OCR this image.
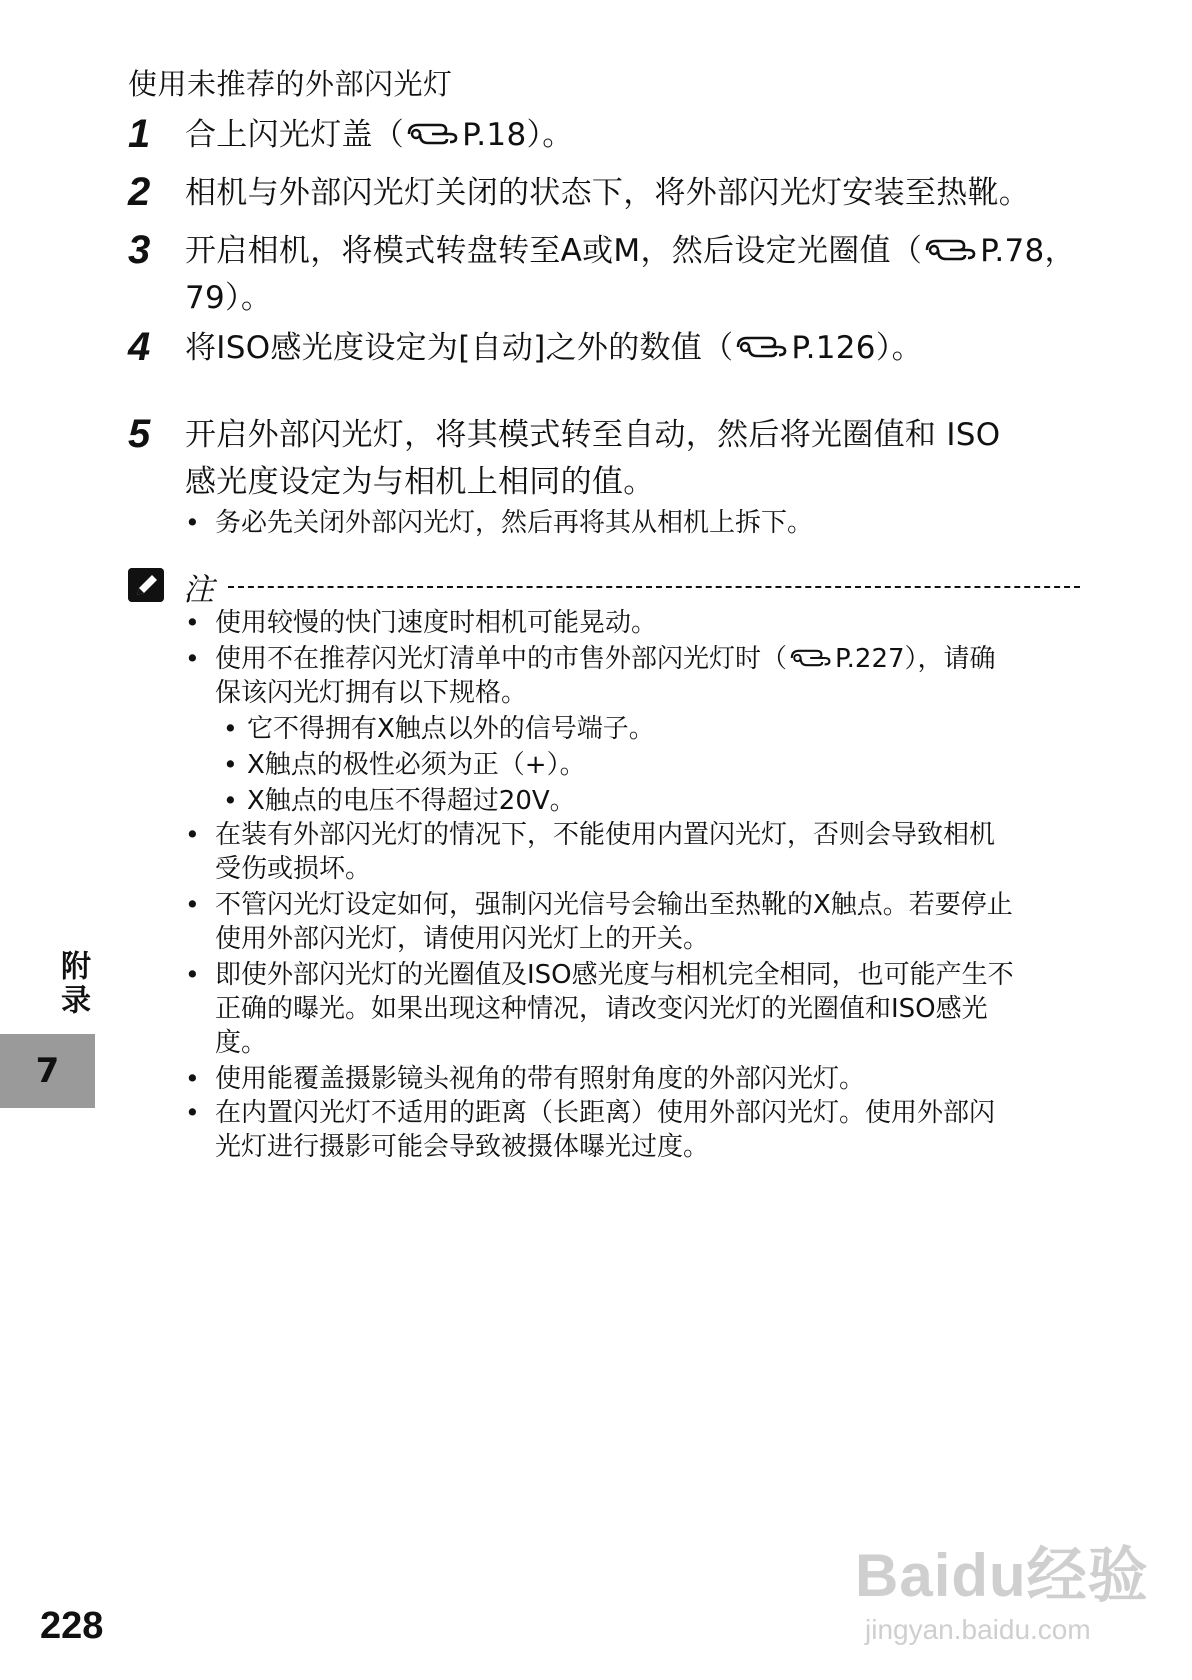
使用未推荐的外部闪光灯
1 合上闪光灯盖（ P.18）。
2 相机与外部闪光灯关闭的状态下，将外部闪光灯安装至热靴。
3 开启相机，将模式转盘转至A或M，然后设定光圈值（ P.78，
79）。
4 将ISO感光度设定为[自动]之外的数值（ P.126）。
5 开启外部闪光灯，将其模式转至自动，然后将光圈值和 ISO
感光度设定为与相机上相同的值。
• 务必先关闭外部闪光灯，然后再将其从相机上拆下。
注
• 使用较慢的快门速度时相机可能晃动。
• 使用不在推荐闪光灯清单中的市售外部闪光灯时（ P.227），请确
保该闪光灯拥有以下规格。
• 它不得拥有X触点以外的信号端子。
• X触点的极性必须为正（+）。
• X触点的电压不得超过20V。
• 在装有外部闪光灯的情况下，不能使用内置闪光灯，否则会导致相机
受伤或损坏。
• 不管闪光灯设定如何，强制闪光信号会输出至热靴的X触点。若要停止
使用外部闪光灯，请使用闪光灯上的开关。
• 即使外部闪光灯的光圈值及ISO感光度与相机完全相同，也可能产生不
正确的曝光。如果出现这种情况，请改变闪光灯的光圈值和ISO感光
度。
• 使用能覆盖摄影镜头视角的带有照射角度的外部闪光灯。
• 在内置闪光灯不适用的距离（长距离）使用外部闪光灯。使用外部闪
光灯进行摄影可能会导致被摄体曝光过度。
附录
7
228
Baidu经验
jingyan.baidu.com
